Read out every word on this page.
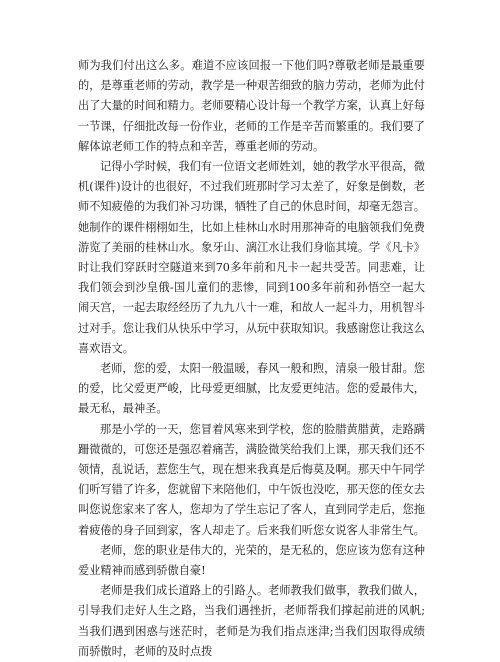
师为我们付出这么多。难道不应该回报一下他们吗?尊敬老师是最重要的，是尊重老师的劳动，教学是一种艰苦细致的脑力劳动，老师为此付出了大量的时间和精力。老师要精心设计每一个教学方案，认真上好每一节课，仔细批改每一份作业，老师的工作是辛苦而繁重的。我们要了解体谅老师工作的特点和辛苦，尊重老师的劳动。

记得小学时候，我们有一位语文老师姓刘，她的教学水平很高，微机(课件)设计的也很好，不过我们班那时学习太差了，好象是倒数，老师不知疲倦的为我们补习功课，牺牲了自己的休息时间，却毫无怨言。她制作的课件栩栩如生，比如上桂林山水时用那神奇的电脑领我们免费游览了美丽的桂林山水。象牙山、漓江水让我们身临其境。学《凡卡》时让我们穿跃时空隧道来到70多年前和凡卡一起共受苦。同悲难，让我们领会到沙皇俄-国儿童们的悲惨，同到100多年前和孙悟空一起大闹天宫，一起去取经经历了九九八十一难，和故人一起斗力，用机智斗过对手。您让我们从快乐中学习，从玩中获取知识。我感谢您让我这么喜欢语文。

老师，您的爱，太阳一般温暖，春风一般和煦，清泉一般甘甜。您的爱，比父爱更严峻，比母爱更细腻，比友爱更纯洁。您的爱最伟大，最无私，最神圣。

那是小学的一天，您冒着风寒来到学校，您的脸腊黄腊黄，走路蹒跚微微的，可您还是强忍着痛苦，满脸微笑给我们上课，那天我们还不领情，乱说话，惹您生气，现在想来我真是后悔莫及啊。那天中午同学们听写错了许多，您就留下来陪他们，中午饭也没吃，那天您的侄女去叫您说您家来了客人，您却为了学生忘记了客人，直到同学走后，您拖着疲倦的身子回到家，客人却走了。后来我们听您女说客人非常生气。

老师，您的职业是伟大的，光荣的，是无私的，您应该为您有这种爱业精神而感到骄傲自豪!

老师是我们成长道路上的引路人。老师教我们做事，教我们做人，引导我们走好人生之路，当我们遇挫折，老师帮我们撑起前进的风帆;当我们遇到困惑与迷茫时，老师是为我们指点迷津;当我们因取得成绩而骄傲时，老师的及时点拨

7
